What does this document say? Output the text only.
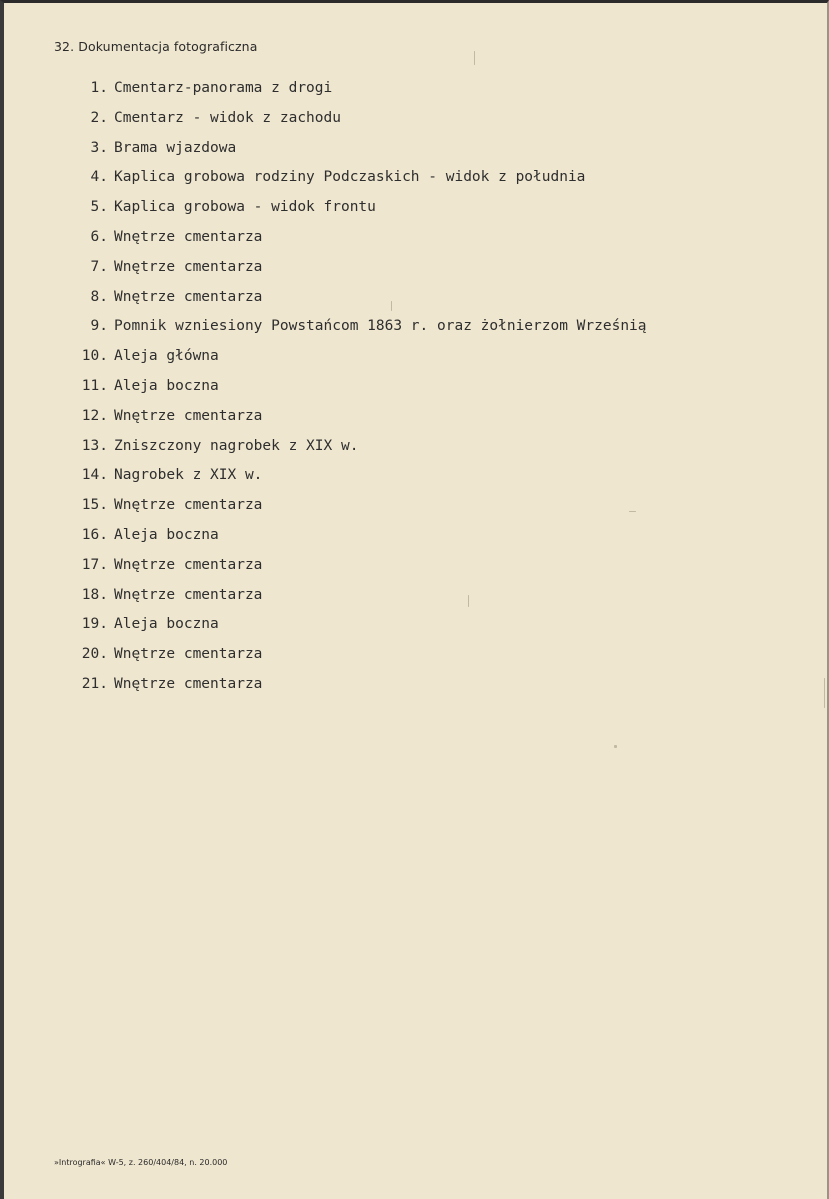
32. Dokumentacja fotograficzna
1. Cmentarz-panorama z drogi
2. Cmentarz - widok z zachodu
3. Brama wjazdowa
4. Kaplica grobowa rodziny Podczaskich - widok z południa
5. Kaplica grobowa - widok frontu
6. Wnętrze cmentarza
7. Wnętrze cmentarza
8. Wnętrze cmentarza
9. Pomnik wzniesiony Powstańcom 1863 r. oraz żołnierzom Wrześnią
10. Aleja główna
11. Aleja boczna
12. Wnętrze cmentarza
13. Zniszczony nagrobek z XIX w.
14. Nagrobek z XIX w.
15. Wnętrze cmentarza
16. Aleja boczna
17. Wnętrze cmentarza
18. Wnętrze cmentarza
19. Aleja boczna
20. Wnętrze cmentarza
21. Wnętrze cmentarza
»Intrografia« W-5, z. 260/404/84, n. 20.000
